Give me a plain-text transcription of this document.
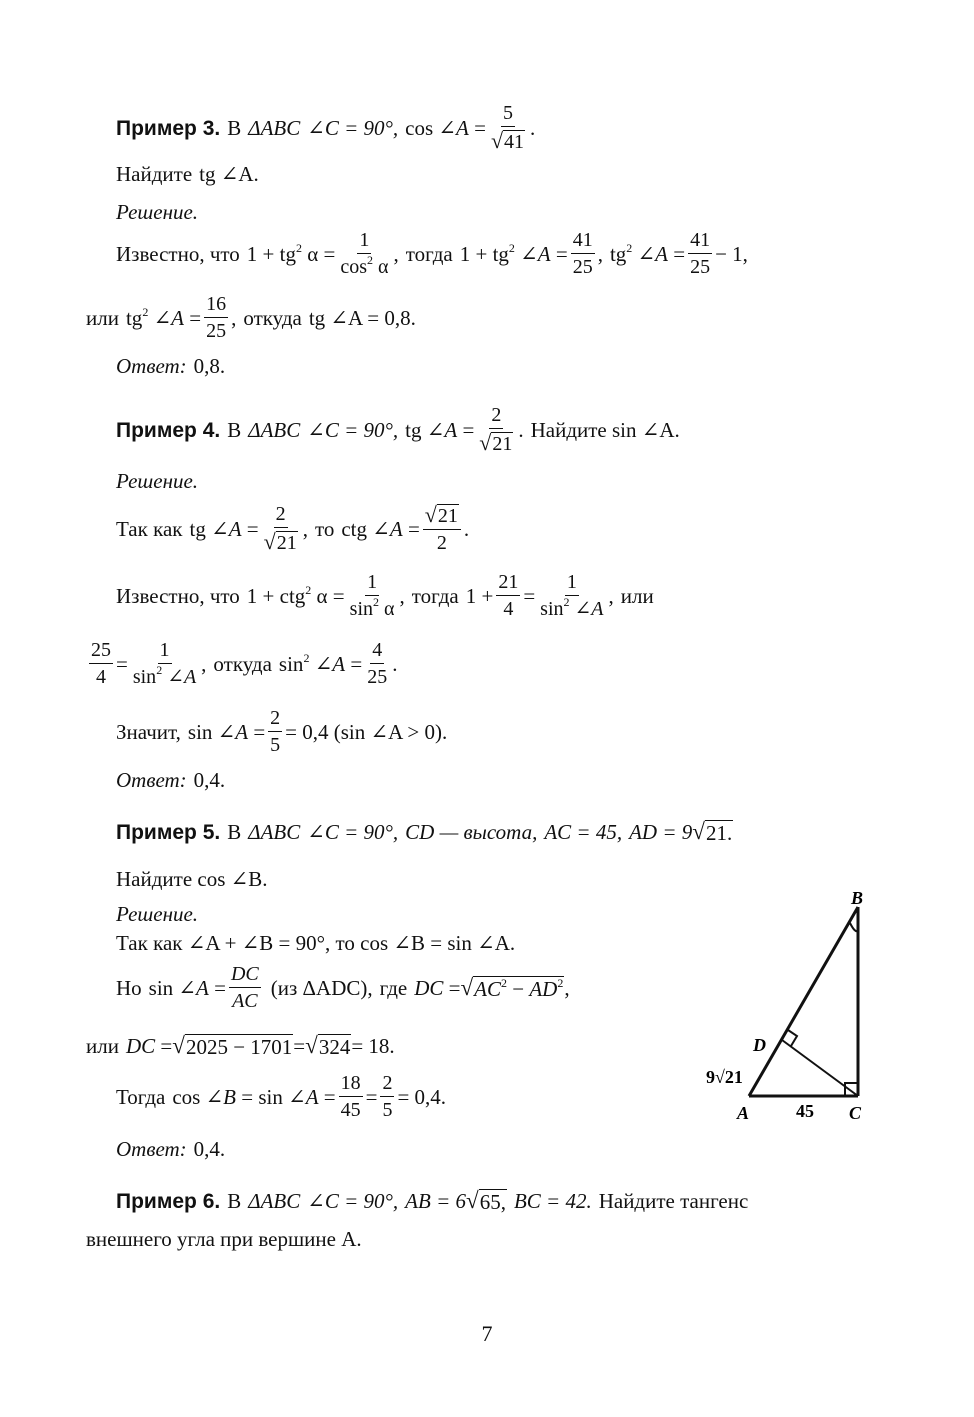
Пример 3. В ΔABC ∠C = 90°, cos ∠A = $\frac{5}{√ 41}$ .
Найдите tg ∠A.
Решение.
Известно, что $1 + tg^2$ $\alpha = \frac{1}{\cos^2 \alpha}$ , тогда $1 + tg^2$ ∠A = $\frac{41}{25}$ , $tg^2$ ∠A = $\frac{41}{25} - 1$,
или $tg^2$ ∠A = $\frac{16}{25}$ , откуда tg ∠A = 0,8.
Ответ: 0,8.
Пример 4. В ΔABC ∠C = 90°, tg ∠A = $\frac{2}{√ 21}$ . Найдите sin ∠A.
Решение.
Так как tg ∠A = $\frac{2}{√ 21}$ , то ctg ∠A = $\frac{√ 21}{2}$ .
Известно, что 1 + ctg$^2$ $\alpha = \frac{1}{\sin^2 \alpha}$ , тогда $1 + \frac{21}{4} = \frac{1}{\sin^2 \angle A}$ , или
$\frac{25}{4} = \frac{1}{\sin^2 \angle A}$ , откуда $\sin^2$ ∠A = $\frac{4}{25}$ .
Значит, sin ∠A = $\frac{2}{5} = 0,4$ (sin ∠A > 0).
Ответ: 0,4.
Пример 5. В ΔABC ∠C = 90°, CD — высота, AC = 45, AD = 9 √ 21.
Найдите cos ∠B.
Решение.
Так как ∠A + ∠B = 90°, то cos ∠B = sin ∠A.
Но sin ∠A = $\frac{DC}{AC} (из$ ΔADC), где DC = √ $AC^2 - AD^2$ ,
или DC = √ 2025 − 1701 = √ 324 = 18.
Тогда cos ∠B = sin ∠A = $\frac{18}{45} = \frac{2}{5} = 0,4$.
Ответ: 0,4.
B
D
A	C
45
9√21
Пример 6. В ΔABC ∠C = 90°, AB = 6 √ 65, BC = 42. Найдите тангенс
внешнего угла при вершине A.
7
